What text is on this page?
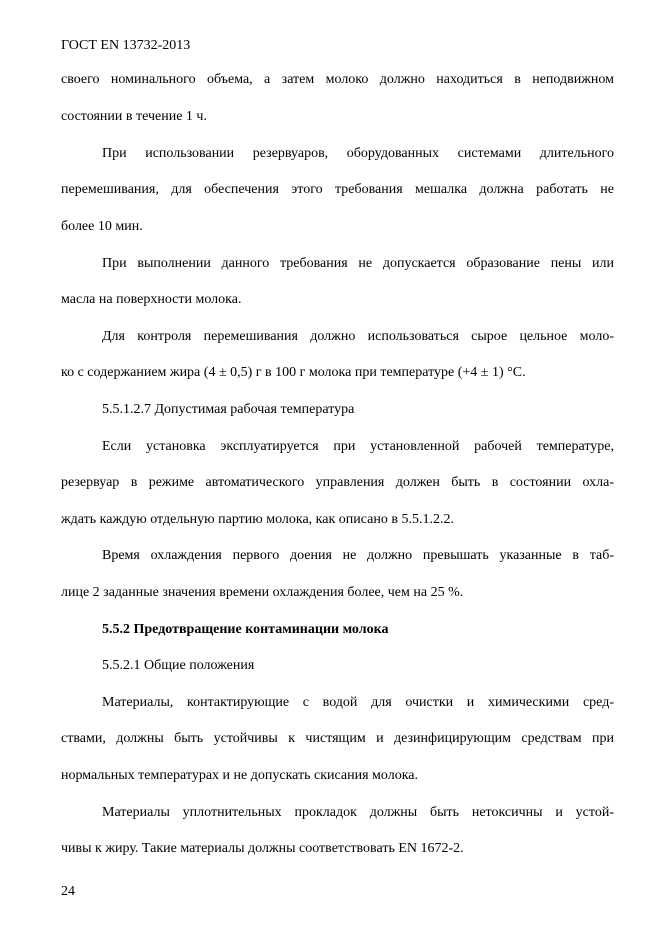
ГОСТ EN 13732-2013
своего номинального объема, а затем молоко должно находиться в неподвижном
состоянии в течение 1 ч.
При использовании резервуаров, оборудованных системами длительного
перемешивания, для обеспечения этого требования мешалка должна работать не
более 10 мин.
При выполнении данного требования не допускается образование пены или
масла на поверхности молока.
Для контроля перемешивания должно использоваться сырое цельное моло-
ко с содержанием жира (4 ± 0,5) г в 100 г молока при температуре (+4 ± 1) °С.
5.5.1.2.7 Допустимая рабочая температура
Если установка эксплуатируется при установленной рабочей температуре,
резервуар в режиме автоматического управления должен быть в состоянии охла-
ждать каждую отдельную партию молока, как описано в 5.5.1.2.2.
Время охлаждения первого доения не должно превышать указанные в таб-
лице 2 заданные значения времени охлаждения более, чем на 25 %.
5.5.2 Предотвращение контаминации молока
5.5.2.1 Общие положения
Материалы, контактирующие с водой для очистки и химическими сред-
ствами, должны быть устойчивы к чистящим и дезинфицирующим средствам при
нормальных температурах и не допускать скисания молока.
Материалы уплотнительных прокладок должны быть нетоксичны и устой-
чивы к жиру. Такие материалы должны соответствовать EN 1672-2.
24
